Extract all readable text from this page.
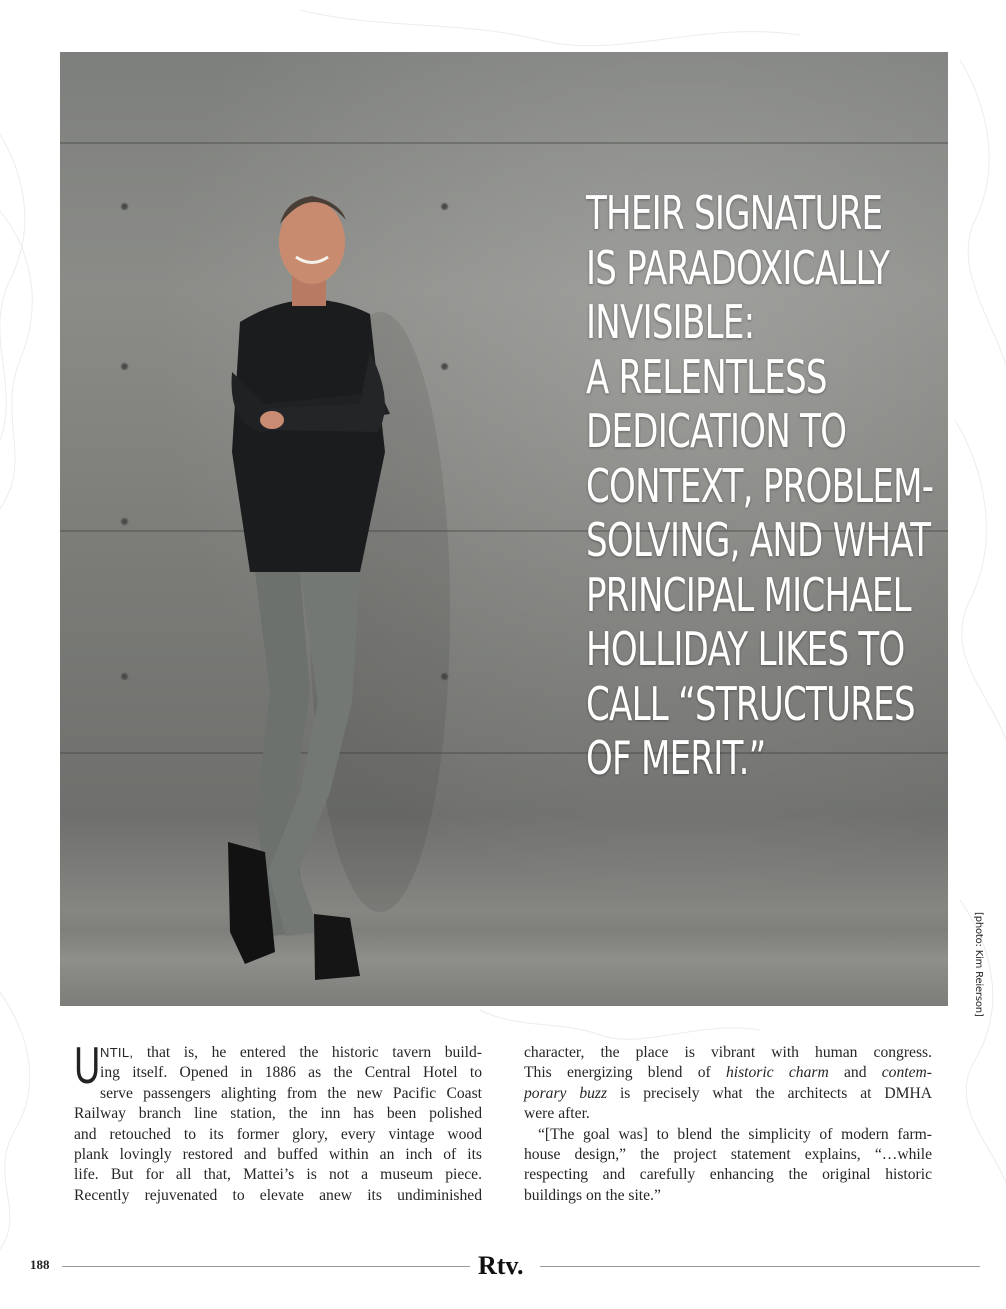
THEIR SIGNATURE
IS PARADOXICALLY
INVISIBLE:
A RELENTLESS
DEDICATION TO
CONTEXT, PROBLEM-
SOLVING, AND WHAT
PRINCIPAL MICHAEL
HOLLIDAY LIKES TO
CALL “STRUCTURES
OF MERIT.”
[photo: Kim Reierson]

U NTIL, that is, he entered the historic tavern build-
ing itself. Opened in 1886 as the Central Hotel to
serve passengers alighting from the new Pacific Coast
Railway branch line station, the inn has been polished
and retouched to its former glory, every vintage wood
plank lovingly restored and buffed within an inch of its
life. But for all that, Mattei’s is not a museum piece.
Recently rejuvenated to elevate anew its undiminished

character, the place is vibrant with human congress.
This energizing blend of historic charm and contem-
porary buzz is precisely what the architects at DMHA
were after.

“[The goal was] to blend the simplicity of modern farm-
house design,” the project statement explains, “…while
respecting and carefully enhancing the original historic
buildings on the site.”

188	Rtv.
